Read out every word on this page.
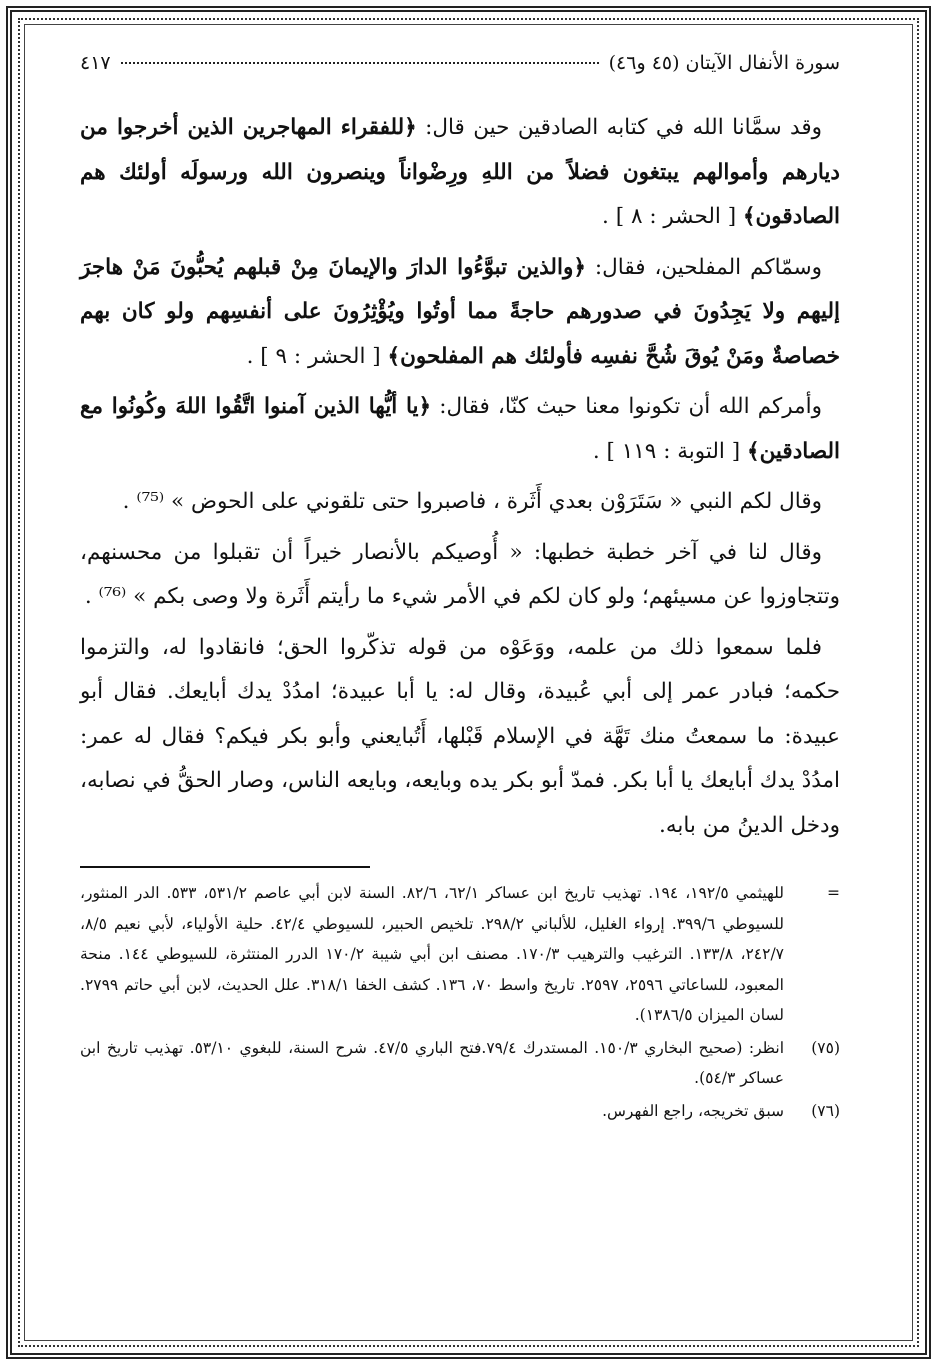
سورة الأنفال الآيتان (٤٥ و٤٦)
٤١٧

وقد سمَّانا الله في كتابه الصادقين حين قال: ﴿للفقراء المهاجرين الذين أخرجوا من ديارهم وأموالهم يبتغون فضلاً من اللهِ ورِضْواناً وينصرون الله ورسولَه أولئك هم الصادقون﴾ [ الحشر : ٨ ] .

وسمّاكم المفلحين، فقال: ﴿والذين تبوَّءُوا الدارَ والإيمانَ مِنْ قبلهم يُحبُّونَ مَنْ هاجرَ إليهم ولا يَجِدُونَ في صدورهم حاجةً مما أوتُوا ويُؤْثِرُونَ على أنفسِهم ولو كان بهم خصاصةٌ ومَنْ يُوقَ شُحَّ نفسِه فأولئك هم المفلحون﴾ [ الحشر : ٩ ] .

وأمركم الله أن تكونوا معنا حيث كنّا، فقال: ﴿يا أيُّها الذين آمنوا اتَّقُوا اللهَ وكُونُوا مع الصادقين﴾ [ التوبة : ١١٩ ] .

وقال لكم النبي « سَتَرَوْن بعدي أَثَرة ، فاصبروا حتى تلقوني على الحوض » ⁽⁷⁵⁾ .

وقال لنا في آخر خطبة خطبها: « أُوصيكم بالأنصار خيراً أن تقبلوا من محسنهم، وتتجاوزوا عن مسيئهم؛ ولو كان لكم في الأمر شيء ما رأيتم أَثَرة ولا وصى بكم » ⁽⁷⁶⁾ .

فلما سمعوا ذلك من علمه، ووَعَوْه من قوله تذكّروا الحق؛ فانقادوا له، والتزموا حكمه؛ فبادر عمر إلى أبي عُبيدة، وقال له: يا أبا عبيدة؛ امدُدْ يدك أبايعك. فقال أبو عبيدة: ما سمعتُ منك تَهَّة في الإسلام قَبْلها، أَتُبايعني وأبو بكر فيكم؟ فقال له عمر: امدُدْ يدك أبايعك يا أبا بكر. فمدّ أبو بكر يده وبايعه، وبايعه الناس، وصار الحقُّ في نصابه، ودخل الدينُ من بابه.

=
للهيثمي ١٩٢/٥، ١٩٤. تهذيب تاريخ ابن عساكر ٦٢/١، ٨٢/٦. السنة لابن أبي عاصم ٥٣١/٢، ٥٣٣. الدر المنثور، للسيوطي ٣٩٩/٦. إرواء الغليل، للألباني ٢٩٨/٢. تلخيص الحبير، للسيوطي ٤٢/٤. حلية الأولياء، لأبي نعيم ٨/٥، ٢٤٢/٧، ١٣٣/٨. الترغيب والترهيب ١٧٠/٣. مصنف ابن أبي شيبة ١٧٠/٢ الدرر المنتثرة، للسيوطي ١٤٤. منحة المعبود، للساعاتي ٢٥٩٦، ٢٥٩٧. تاريخ واسط ٧٠، ١٣٦. كشف الخفا ٣١٨/١. علل الحديث، لابن أبي حاتم ٢٧٩٩. لسان الميزان ١٣٨٦/٥).
(٧٥)
انظر: (صحيح البخاري ١٥٠/٣. المستدرك ٧٩/٤.فتح الباري ٤٧/٥. شرح السنة، للبغوي ٥٣/١٠. تهذيب تاريخ ابن عساكر ٥٤/٣).
(٧٦)
سبق تخريجه، راجع الفهرس.
